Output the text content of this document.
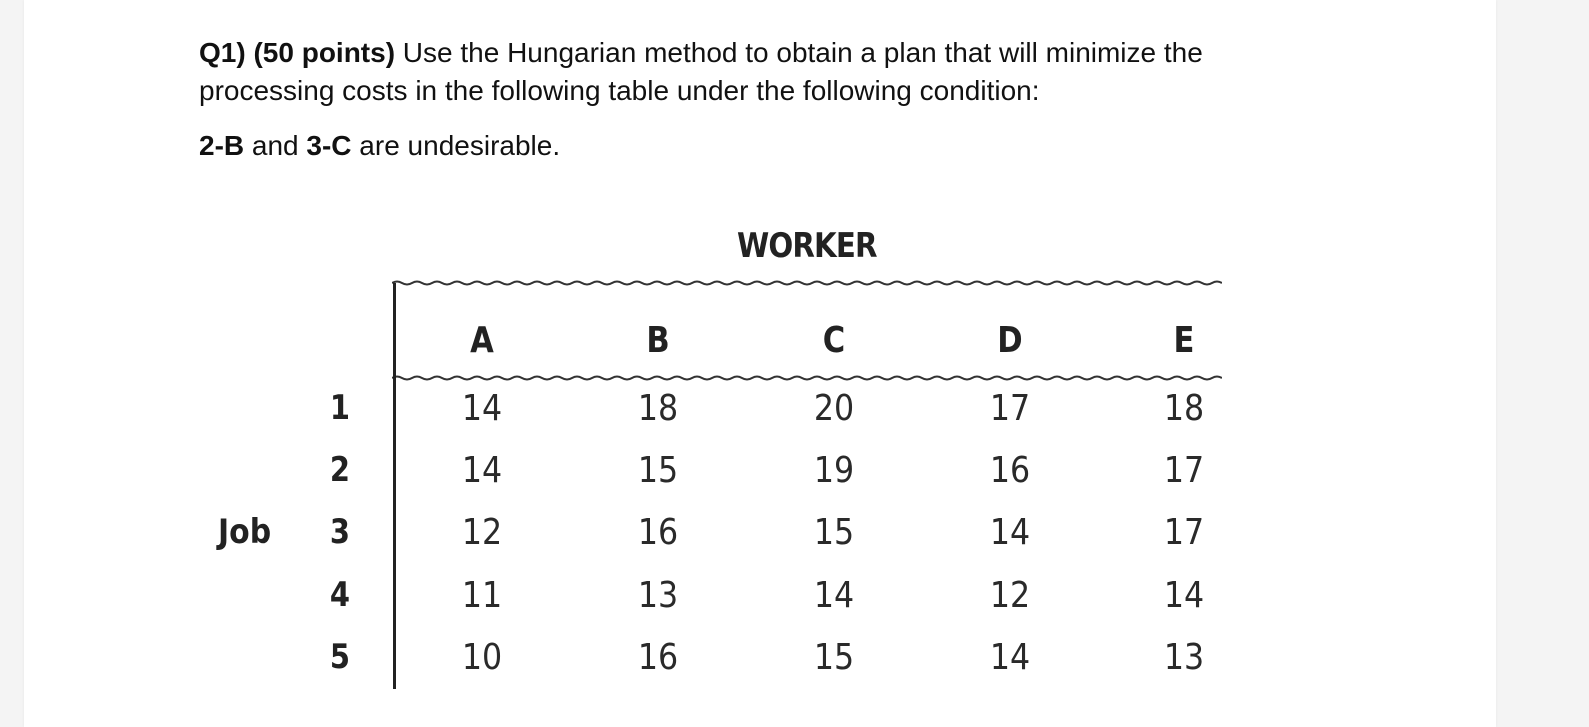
Q1) (50 points) Use the Hungarian method to obtain a plan that will minimize the processing costs in the following table under the following condition:
2-B and 3-C are undesirable.
WORKER
A	B	C	D	E
Job
1	14	18	20	17	18
2	14	15	19	16	17
3	12	16	15	14	17
4	11	13	14	12	14
5	10	16	15	14	13
